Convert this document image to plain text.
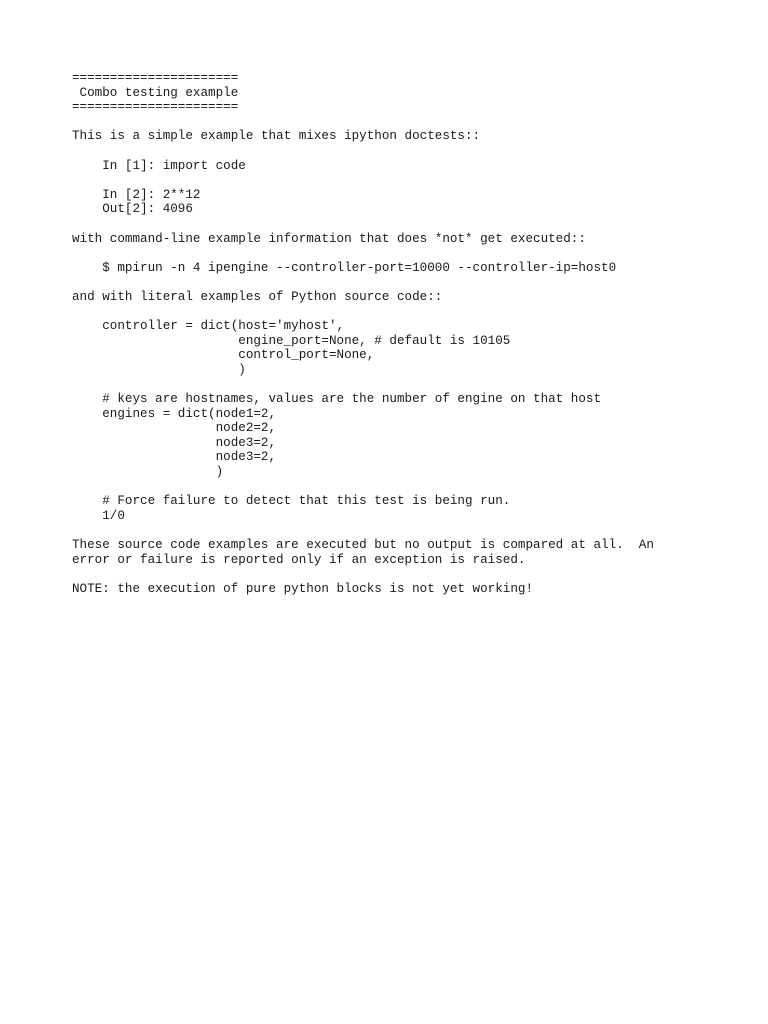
======================
Combo testing example
======================
This is a simple example that mixes ipython doctests::
In [1]: import code
In [2]: 2**12
Out[2]: 4096
with command-line example information that does *not* get executed::
$ mpirun -n 4 ipengine --controller-port=10000 --controller-ip=host0
and with literal examples of Python source code::
controller = dict(host='myhost',
engine_port=None, # default is 10105
control_port=None,
)
# keys are hostnames, values are the number of engine on that host
engines = dict(node1=2,
node2=2,
node3=2,
node3=2,
)
# Force failure to detect that this test is being run.
1/0
These source code examples are executed but no output is compared at all.  An
error or failure is reported only if an exception is raised.
NOTE: the execution of pure python blocks is not yet working!
